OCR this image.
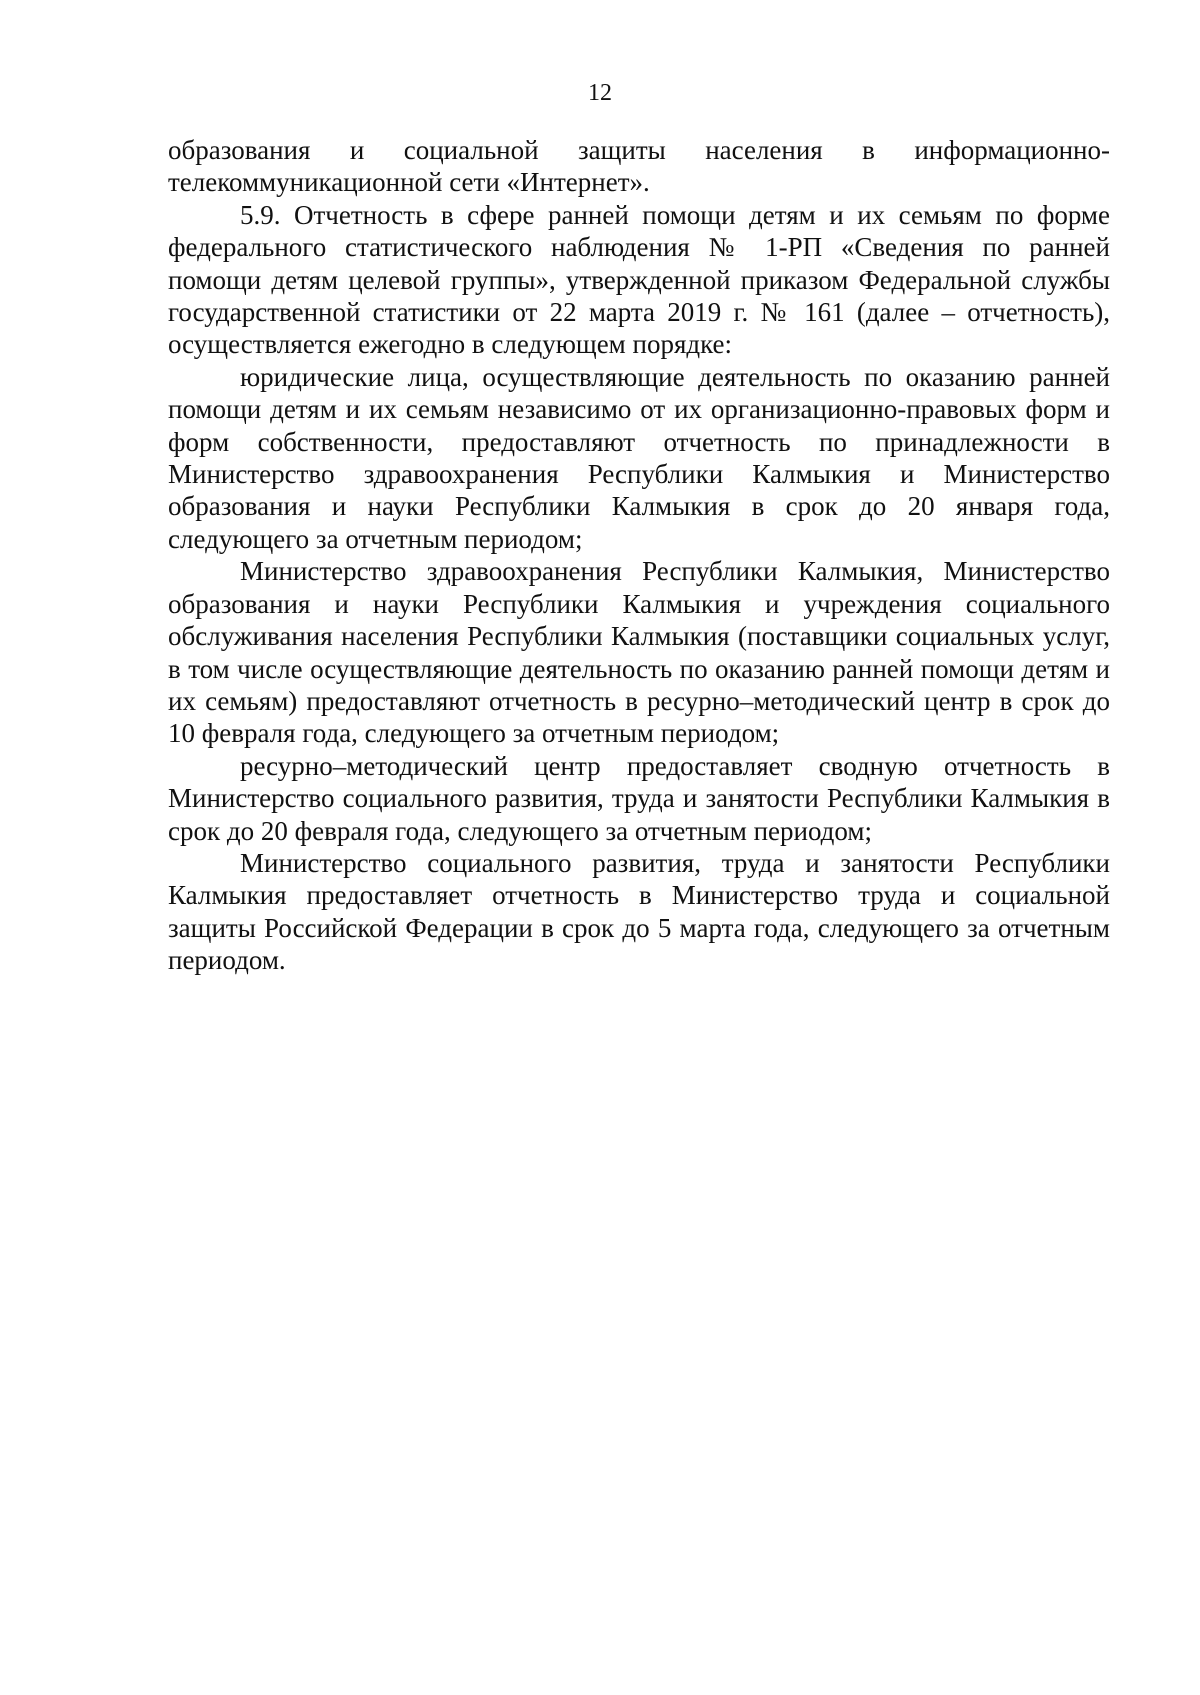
12

образования и социальной защиты населения в информационно-телекоммуникационной сети «Интернет».

5.9. Отчетность в сфере ранней помощи детям и их семьям по форме федерального статистического наблюдения № 1-РП «Сведения по ранней помощи детям целевой группы», утвержденной приказом Федеральной службы государственной статистики от 22 марта 2019 г. № 161 (далее – отчетность), осуществляется ежегодно в следующем порядке:

юридические лица, осуществляющие деятельность по оказанию ранней помощи детям и их семьям независимо от их организационно-правовых форм и форм собственности, предоставляют отчетность по принадлежности в Министерство здравоохранения Республики Калмыкия и Министерство образования и науки Республики Калмыкия в срок до 20 января года, следующего за отчетным периодом;

Министерство здравоохранения Республики Калмыкия, Министерство образования и науки Республики Калмыкия и учреждения социального обслуживания населения Республики Калмыкия (поставщики социальных услуг, в том числе осуществляющие деятельность по оказанию ранней помощи детям и их семьям) предоставляют отчетность в ресурно–методический центр в срок до 10 февраля года, следующего за отчетным периодом;

ресурно–методический центр предоставляет сводную отчетность в Министерство социального развития, труда и занятости Республики Калмыкия в срок до 20 февраля года, следующего за отчетным периодом;

Министерство социального развития, труда и занятости Республики Калмыкия предоставляет отчетность в Министерство труда и социальной защиты Российской Федерации в срок до 5 марта года, следующего за отчетным периодом.
